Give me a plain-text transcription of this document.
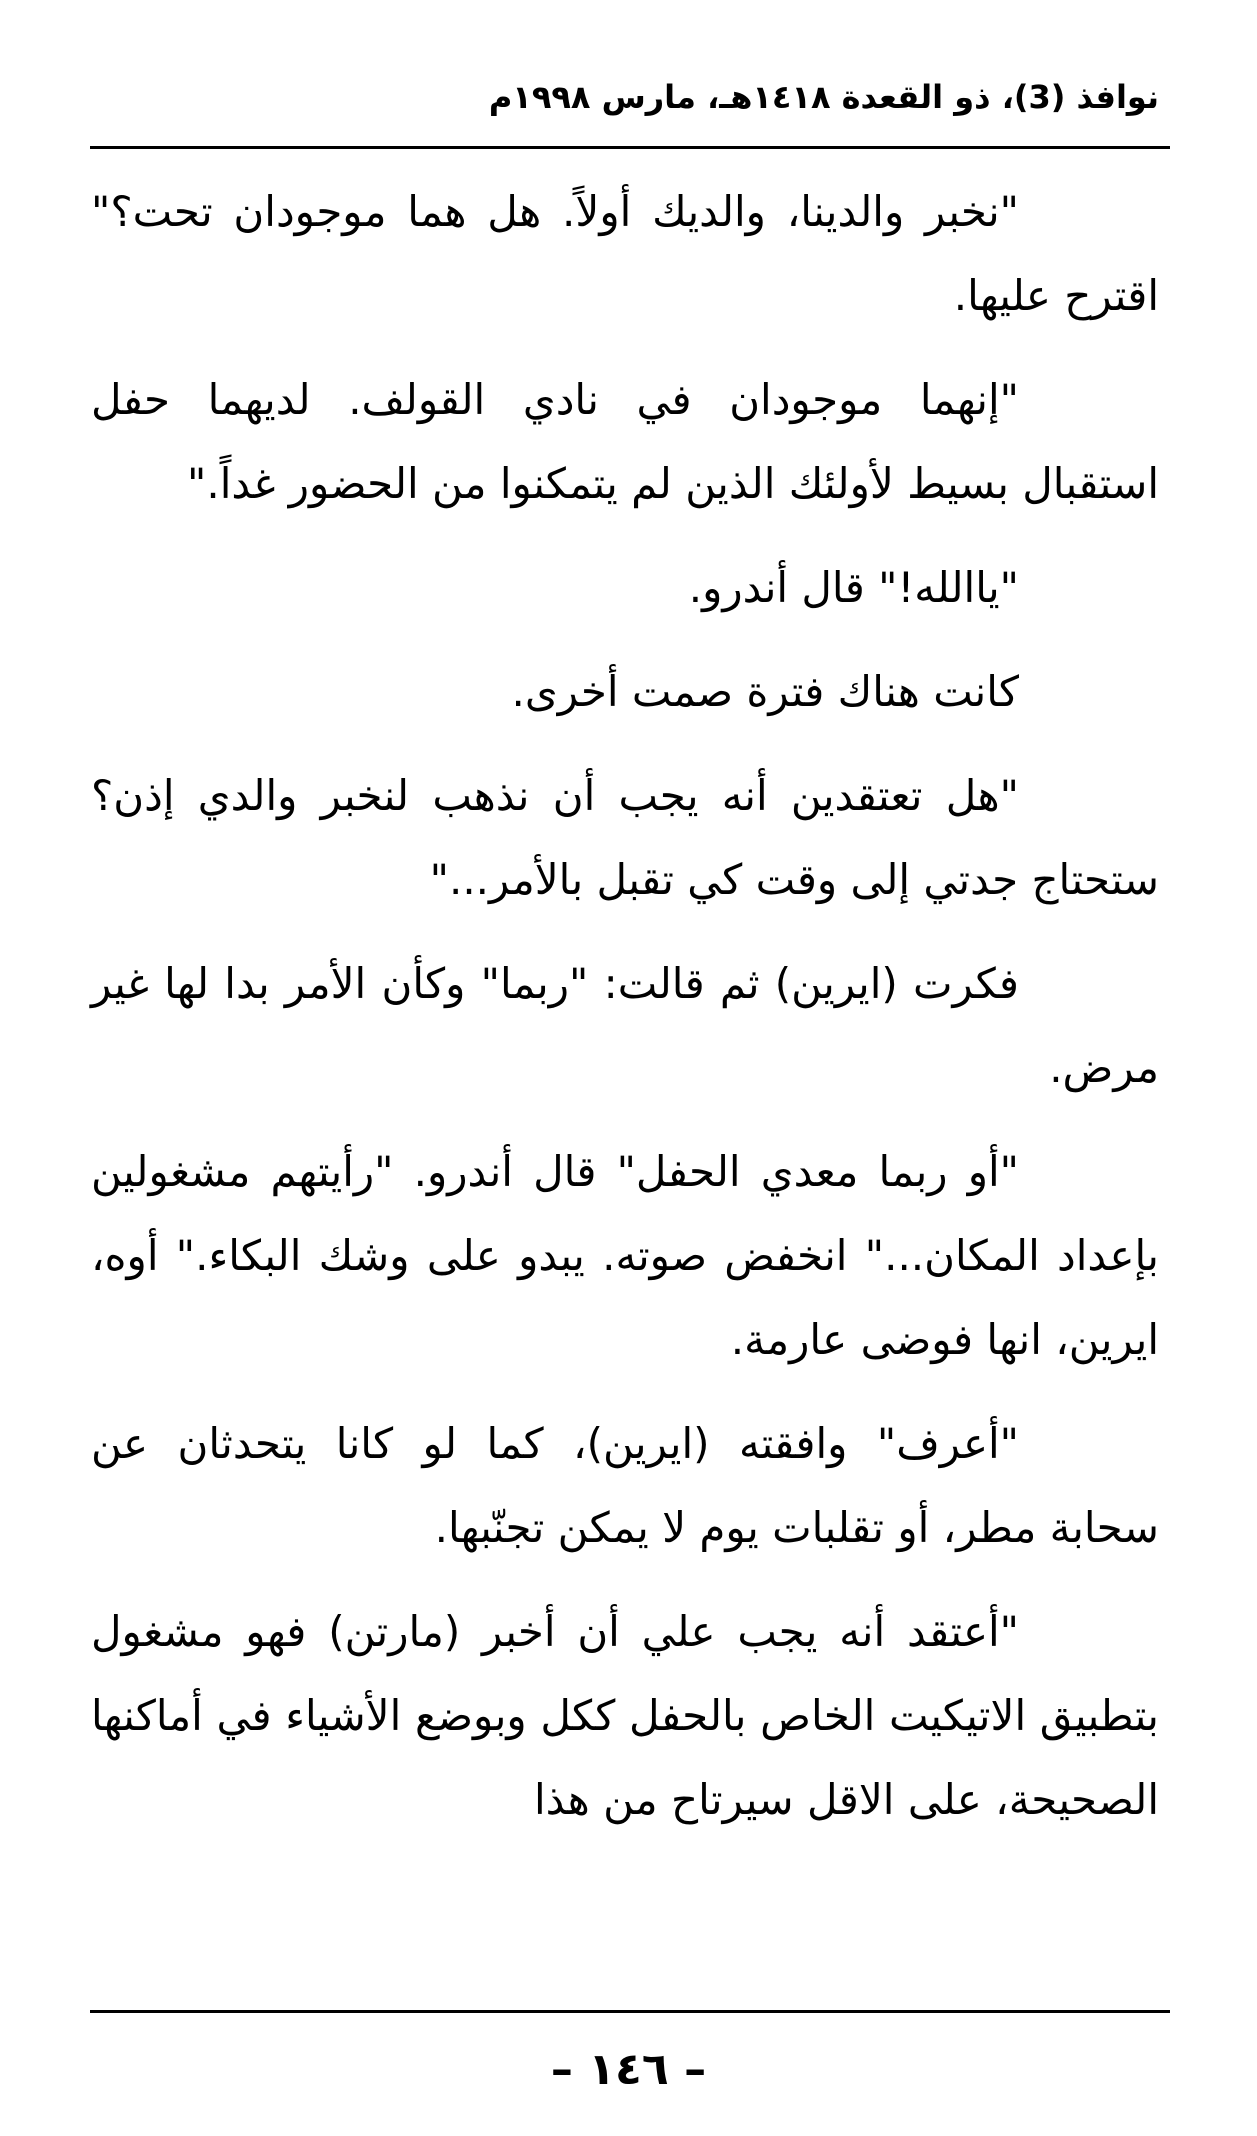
نوافذ (3)، ذو القعدة ١٤١٨هـ، مارس ١٩٩٨م

"نخبر والدينا، والديك أولاً. هل هما موجودان تحت؟" اقترح عليها.

"إنهما موجودان في نادي القولف. لديهما حفل استقبال بسيط لأولئك الذين لم يتمكنوا من الحضور غداً."

"ياالله!" قال أندرو.

كانت هناك فترة صمت أخرى.

"هل تعتقدين أنه يجب أن نذهب لنخبر والدي إذن؟ ستحتاج جدتي إلى وقت كي تقبل بالأمر..."

فكرت (ايرين) ثم قالت: "ربما" وكأن الأمر بدا لها غير مرض.

"أو ربما معدي الحفل" قال أندرو. "رأيتهم مشغولين بإعداد المكان..." انخفض صوته. يبدو على وشك البكاء." أوه، ايرين، انها فوضى عارمة.

"أعرف" وافقته (ايرين)، كما لو كانا يتحدثان عن سحابة مطر، أو تقلبات يوم لا يمكن تجنّبها.

"أعتقد أنه يجب علي أن أخبر (مارتن) فهو مشغول بتطبيق الاتيكيت الخاص بالحفل ككل وبوضع الأشياء في أماكنها الصحيحة، على الاقل سيرتاح من هذا

– ١٤٦ –
